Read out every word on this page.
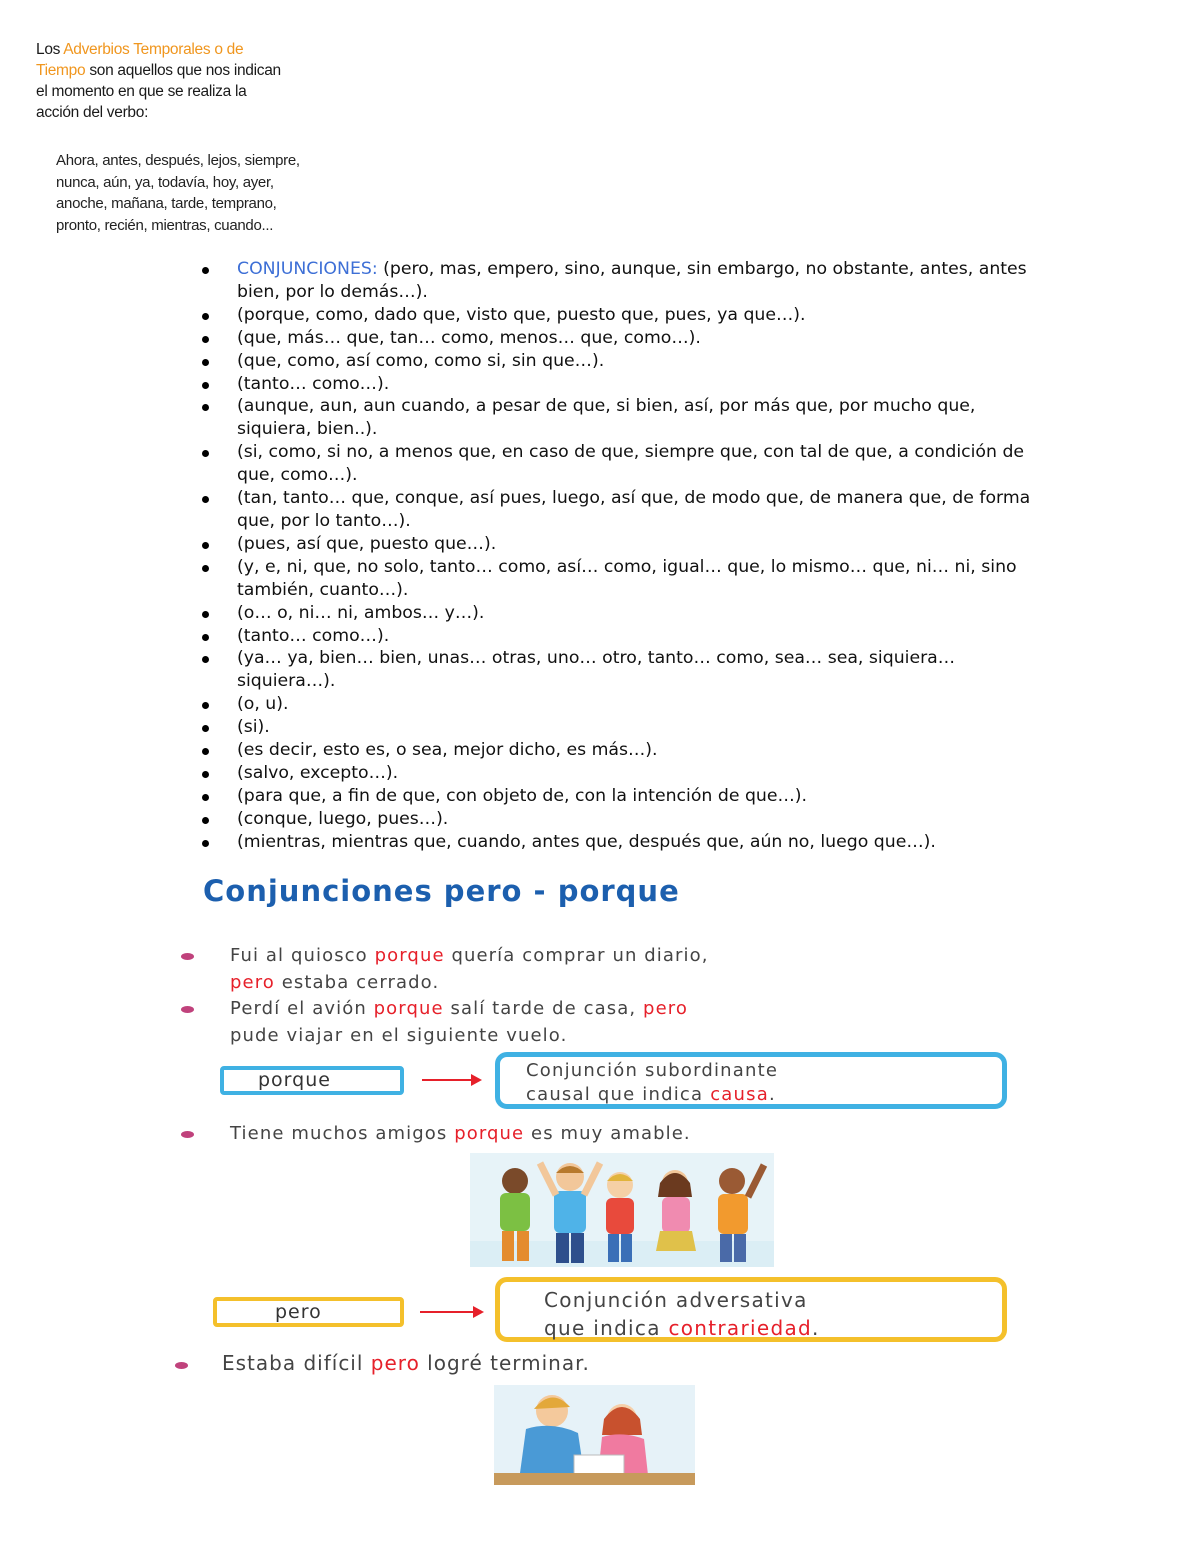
Los Adverbios Temporales o de
Tiempo son aquellos que nos indican
el momento en que se realiza la
acción del verbo:
Ahora, antes, después, lejos, siempre,
nunca, aún, ya, todavía, hoy, ayer,
anoche, mañana, tarde, temprano,
pronto, recién, mientras, cuando...
CONJUNCIONES: (pero, mas, empero, sino, aunque, sin embargo, no obstante, antes, antes bien, por lo demás…).
(porque, como, dado que, visto que, puesto que, pues, ya que…).
(que, más… que, tan… como, menos… que, como…).
(que, como, así como, como si, sin que…).
(tanto… como…).
(aunque, aun, aun cuando, a pesar de que, si bien, así, por más que, por mucho que, siquiera, bien..).
(si, como, si no, a menos que, en caso de que, siempre que, con tal de que, a condición de que, como…).
(tan, tanto… que, conque, así pues, luego, así que, de modo que, de manera que, de forma que, por lo tanto…).
(pues, así que, puesto que…).
(y, e, ni, que, no solo, tanto… como, así… como, igual… que, lo mismo… que, ni… ni, sino también, cuanto…).
(o… o, ni… ni, ambos… y…).
(tanto… como…).
(ya… ya, bien… bien, unas… otras, uno… otro, tanto… como, sea… sea, siquiera… siquiera…).
(o, u).
(si).
(es decir, esto es, o sea, mejor dicho, es más…).
(salvo, excepto…).
(para que, a fin de que, con objeto de, con la intención de que…).
(conque, luego, pues…).
(mientras, mientras que, cuando, antes que, después que, aún no, luego que…).
Conjunciones pero - porque
Fui al quiosco porque quería comprar un diario,
pero estaba cerrado.
Perdí el avión porque salí tarde de casa, pero
pude viajar en el siguiente vuelo.
porque	Conjunción subordinante
causal que indica causa.
Tiene muchos amigos porque es muy amable.
pero	Conjunción adversativa
que indica contrariedad.
Estaba difícil pero logré terminar.
